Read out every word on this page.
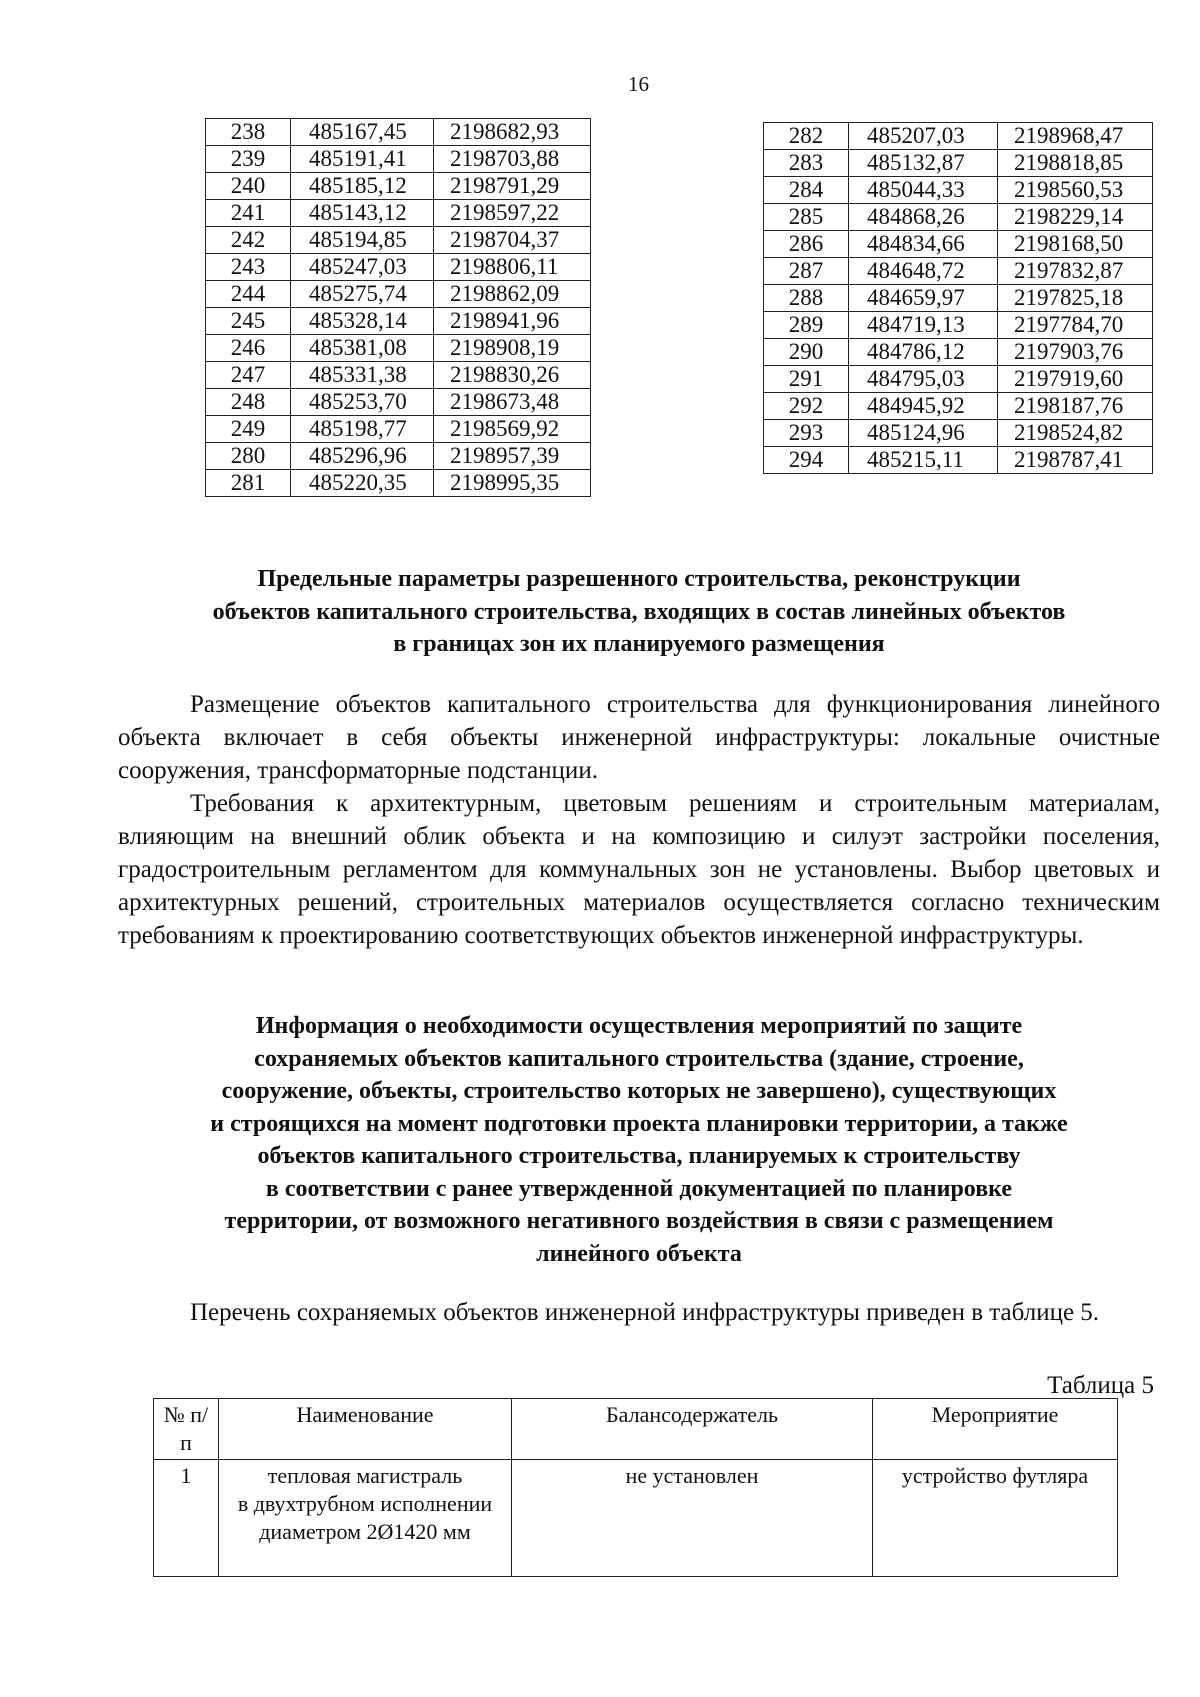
16
238	485167,45	2198682,93
239	485191,41	2198703,88
240	485185,12	2198791,29
241	485143,12	2198597,22
242	485194,85	2198704,37
243	485247,03	2198806,11
244	485275,74	2198862,09
245	485328,14	2198941,96
246	485381,08	2198908,19
247	485331,38	2198830,26
248	485253,70	2198673,48
249	485198,77	2198569,92
280	485296,96	2198957,39
281	485220,35	2198995,35
282	485207,03	2198968,47
283	485132,87	2198818,85
284	485044,33	2198560,53
285	484868,26	2198229,14
286	484834,66	2198168,50
287	484648,72	2197832,87
288	484659,97	2197825,18
289	484719,13	2197784,70
290	484786,12	2197903,76
291	484795,03	2197919,60
292	484945,92	2198187,76
293	485124,96	2198524,82
294	485215,11	2198787,41
Предельные параметры разрешенного строительства, реконструкции
объектов капитального строительства, входящих в состав линейных объектов
в границах зон их планируемого размещения
Размещение объектов капитального строительства для функционирования линейного объекта включает в себя объекты инженерной инфраструктуры: локальные очистные сооружения, трансформаторные подстанции.
Требования к архитектурным, цветовым решениям и строительным материалам, влияющим на внешний облик объекта и на композицию и силуэт застройки поселения, градостроительным регламентом для коммунальных зон не установлены. Выбор цветовых и архитектурных решений, строительных материалов осуществляется согласно техническим требованиям к проектированию соответствующих объектов инженерной инфраструктуры.
Информация о необходимости осуществления мероприятий по защите
сохраняемых объектов капитального строительства (здание, строение,
сооружение, объекты, строительство которых не завершено), существующих
и строящихся на момент подготовки проекта планировки территории, а также
объектов капитального строительства, планируемых к строительству
в соответствии с ранее утвержденной документацией по планировке
территории, от возможного негативного воздействия в связи с размещением
линейного объекта
Перечень сохраняемых объектов инженерной инфраструктуры приведен в таблице 5.
Таблица 5
№ п/п	Наименование	Балансодержатель	Мероприятие
1	тепловая магистраль
в двухтрубном исполнении
диаметром 2Ø1420 мм	не установлен	устройство футляра
